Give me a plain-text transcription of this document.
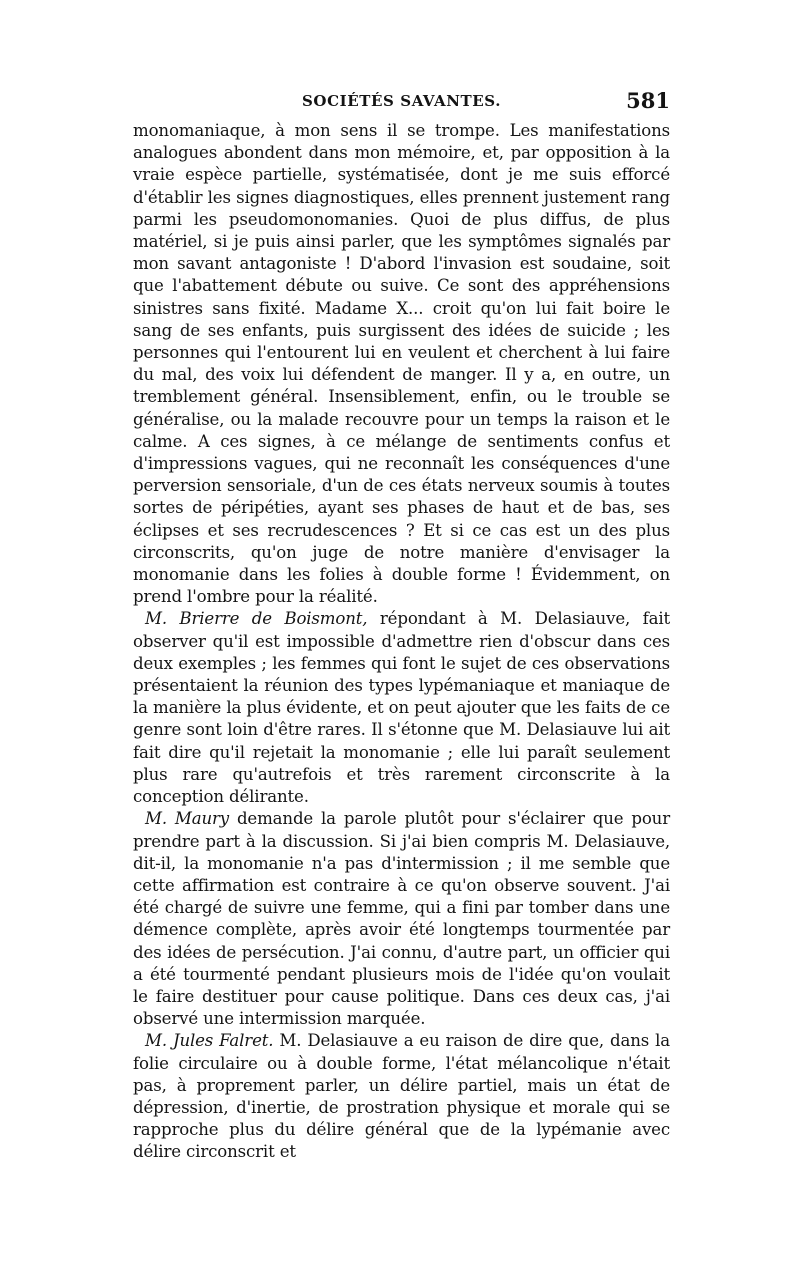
SOCIÉTÉS SAVANTES.	581

monomaniaque, à mon sens il se trompe. Les manifestations analogues abondent dans mon mémoire, et, par opposition à la vraie espèce partielle, systématisée, dont je me suis efforcé d'établir les signes diagnostiques, elles prennent justement rang parmi les pseudomonomanies. Quoi de plus diffus, de plus matériel, si je puis ainsi parler, que les symptômes signalés par mon savant antagoniste ! D'abord l'invasion est soudaine, soit que l'abattement débute ou suive. Ce sont des appréhensions sinistres sans fixité. Madame X... croit qu'on lui fait boire le sang de ses enfants, puis surgissent des idées de suicide ; les personnes qui l'entourent lui en veulent et cherchent à lui faire du mal, des voix lui défendent de manger. Il y a, en outre, un tremblement général. Insensiblement, enfin, ou le trouble se généralise, ou la malade recouvre pour un temps la raison et le calme. A ces signes, à ce mélange de sentiments confus et d'impressions vagues, qui ne reconnaît les conséquences d'une perversion sensoriale, d'un de ces états nerveux soumis à toutes sortes de péripéties, ayant ses phases de haut et de bas, ses éclipses et ses recrudescences ? Et si ce cas est un des plus circonscrits, qu'on juge de notre manière d'envisager la monomanie dans les folies à double forme ! Évidemment, on prend l'ombre pour la réalité.

M. Brierre de Boismont, répondant à M. Delasiauve, fait observer qu'il est impossible d'admettre rien d'obscur dans ces deux exemples ; les femmes qui font le sujet de ces observations présentaient la réunion des types lypémaniaque et maniaque de la manière la plus évidente, et on peut ajouter que les faits de ce genre sont loin d'être rares. Il s'étonne que M. Delasiauve lui ait fait dire qu'il rejetait la monomanie ; elle lui paraît seulement plus rare qu'autrefois et très rarement circonscrite à la conception délirante.

M. Maury demande la parole plutôt pour s'éclairer que pour prendre part à la discussion. Si j'ai bien compris M. Delasiauve, dit-il, la monomanie n'a pas d'intermission ; il me semble que cette affirmation est contraire à ce qu'on observe souvent. J'ai été chargé de suivre une femme, qui a fini par tomber dans une démence complète, après avoir été longtemps tourmentée par des idées de persécution. J'ai connu, d'autre part, un officier qui a été tourmenté pendant plusieurs mois de l'idée qu'on voulait le faire destituer pour cause politique. Dans ces deux cas, j'ai observé une intermission marquée.

M. Jules Falret. M. Delasiauve a eu raison de dire que, dans la folie circulaire ou à double forme, l'état mélancolique n'était pas, à proprement parler, un délire partiel, mais un état de dépression, d'inertie, de prostration physique et morale qui se rapproche plus du délire général que de la lypémanie avec délire circonscrit et
